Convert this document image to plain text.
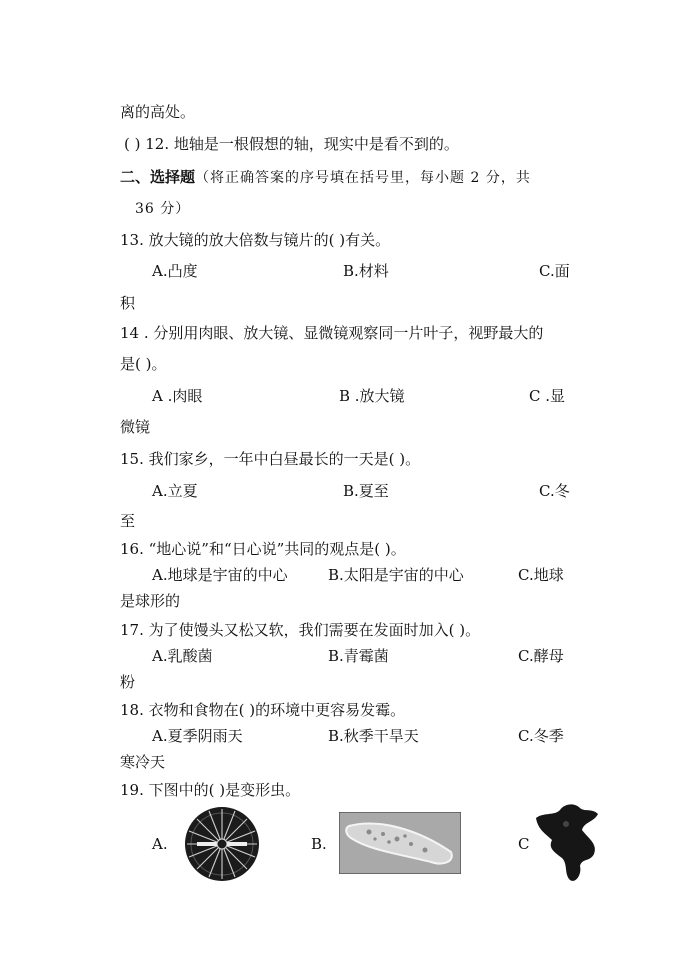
离的高处。
( ) 12. 地轴是一根假想的轴，现实中是看不到的。
二、选择题（将正确答案的序号填在括号里，每小题 2 分，共
36 分）
13. 放大镜的放大倍数与镜片的( )有关。
A.凸度	B.材料	C.面
积
14 . 分别用肉眼、放大镜、显微镜观察同一片叶子，视野最大的
是( )。
A .肉眼	B .放大镜	C .显
微镜
15. 我们家乡，一年中白昼最长的一天是( )。
A.立夏	B.夏至	C.冬
至
16. “地心说”和“日心说”共同的观点是( )。
A.地球是宇宙的中心	B.太阳是宇宙的中心	C.地球
是球形的
17. 为了使馒头又松又软，我们需要在发面时加入( )。
A.乳酸菌	B.青霉菌	C.酵母
粉
18. 衣物和食物在( )的环境中更容易发霉。
A.夏季阴雨天	B.秋季干旱天	C.冬季
寒冷天
19. 下图中的( )是变形虫。
A.	B.	C
